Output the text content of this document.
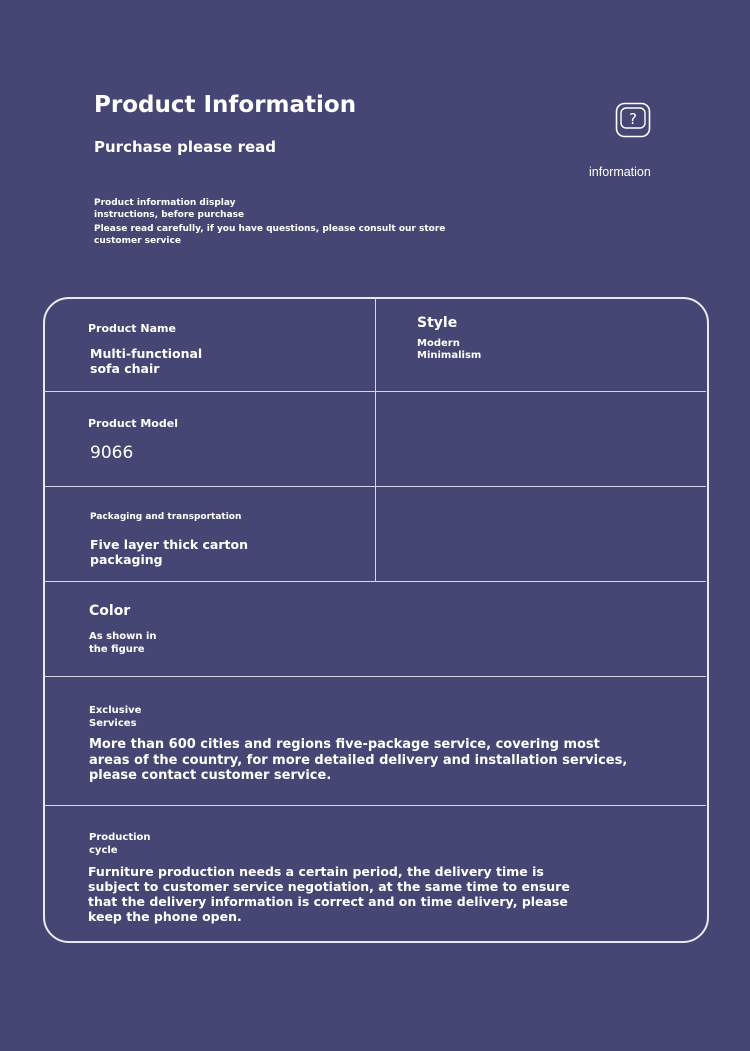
Product Information
Purchase please read
Product information display instructions, before purchase
Please read carefully, if you have questions, please consult our store customer service
?
information
Product Name
Multi-functional sofa chair
Style
Modern Minimalism
Product Model
9066
Packaging and transportation
Five layer thick carton packaging
Color
As shown in the figure
Exclusive Services
More than 600 cities and regions five-package service, covering most areas of the country, for more detailed delivery and installation services, please contact customer service.
Production cycle
Furniture production needs a certain period, the delivery time is subject to customer service negotiation, at the same time to ensure that the delivery information is correct and on time delivery, please keep the phone open.
